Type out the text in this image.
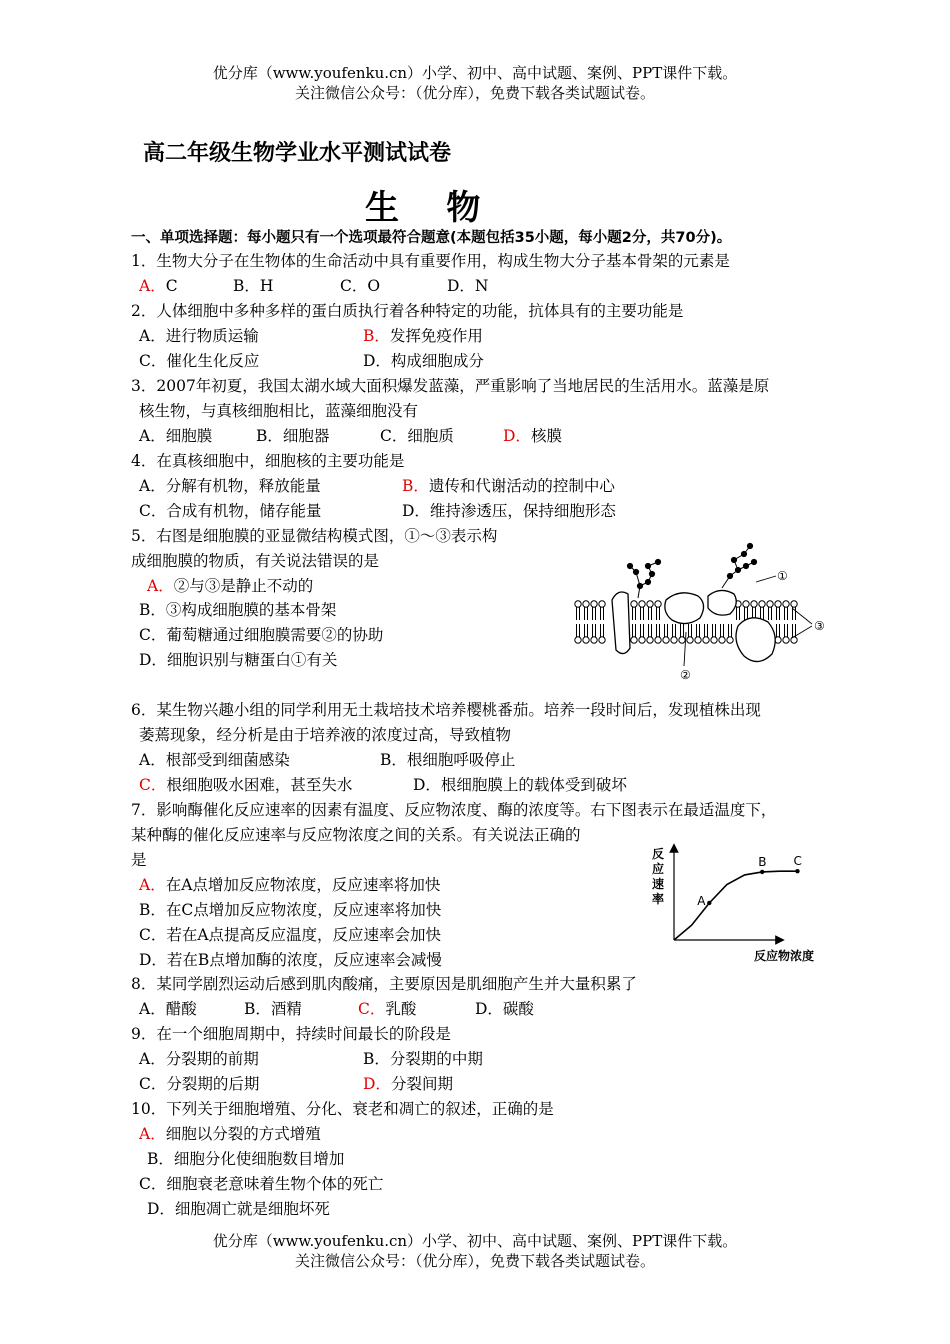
优分库（www.youfenku.cn）小学、初中、高中试题、案例、PPT课件下载。
关注微信公众号：（优分库），免费下载各类试题试卷。
高二年级生物学业水平测试试卷
生    物
一、单项选择题：每小题只有一个选项最符合题意(本题包括35小题，每小题2分，共70分)。
1．生物大分子在生物体的生命活动中具有重要作用，构成生物大分子基本骨架的元素是
A．C	B．H	C．O	D．N
2．人体细胞中多种多样的蛋白质执行着各种特定的功能，抗体具有的主要功能是
A．进行物质运输	B．发挥免疫作用
C．催化生化反应	D．构成细胞成分
3．2007年初夏，我国太湖水域大面积爆发蓝藻，严重影响了当地居民的生活用水。蓝藻是原
核生物，与真核细胞相比，蓝藻细胞没有
A．细胞膜	B．细胞器	C．细胞质	D．核膜
4．在真核细胞中，细胞核的主要功能是
A．分解有机物，释放能量	B．遗传和代谢活动的控制中心
C．合成有机物，储存能量	D．维持渗透压，保持细胞形态
5．右图是细胞膜的亚显微结构模式图，①～③表示构
成细胞膜的物质，有关说法错误的是
A．②与③是静止不动的
B．③构成细胞膜的基本骨架
C．葡萄糖通过细胞膜需要②的协助
D．细胞识别与糖蛋白①有关
①
②
③
6．某生物兴趣小组的同学利用无土栽培技术培养樱桃番茄。培养一段时间后，发现植株出现
萎蔫现象，经分析是由于培养液的浓度过高，导致植物
A．根部受到细菌感染	B．根细胞呼吸停止
C．根细胞吸水困难，甚至失水	D．根细胞膜上的载体受到破坏
7．影响酶催化反应速率的因素有温度、反应物浓度、酶的浓度等。右下图表示在最适温度下，
某种酶的催化反应速率与反应物浓度之间的关系。有关说法正确的
是
A．在A点增加反应物浓度，反应速率将加快
B．在C点增加反应物浓度，反应速率将加快
C．若在A点提高反应温度，反应速率会加快
D．若在B点增加酶的浓度，反应速率会减慢
反
应
速
率
反应物浓度
A
B C
8．某同学剧烈运动后感到肌肉酸痛，主要原因是肌细胞产生并大量积累了
A．醋酸	B．酒精	C．乳酸	D．碳酸
9．在一个细胞周期中，持续时间最长的阶段是
A．分裂期的前期	B．分裂期的中期
C．分裂期的后期	D．分裂间期
10．下列关于细胞增殖、分化、衰老和凋亡的叙述，正确的是
A．细胞以分裂的方式增殖
B．细胞分化使细胞数目增加
C．细胞衰老意味着生物个体的死亡
D．细胞凋亡就是细胞坏死
优分库（www.youfenku.cn）小学、初中、高中试题、案例、PPT课件下载。
关注微信公众号：（优分库），免费下载各类试题试卷。
